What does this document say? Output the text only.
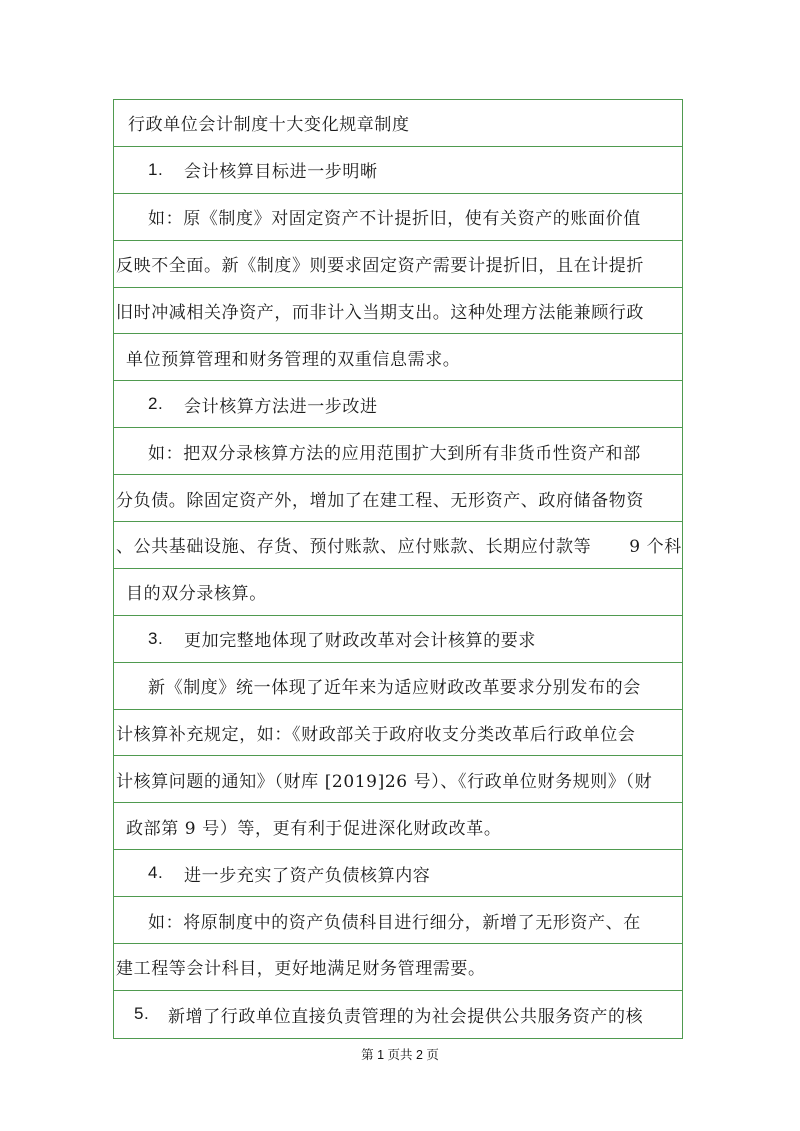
行政单位会计制度十大变化规章制度
1.	会计核算目标进一步明晰
如：原《制度》对固定资产不计提折旧，使有关资产的账面价值
反映不全面。新《制度》则要求固定资产需要计提折旧，且在计提折
旧时冲减相关净资产，而非计入当期支出。这种处理方法能兼顾行政
单位预算管理和财务管理的双重信息需求。
2.	会计核算方法进一步改进
如：把双分录核算方法的应用范围扩大到所有非货币性资产和部
分负债。除固定资产外，增加了在建工程、无形资产、政府储备物资
、公共基础设施、存货、预付账款、应付账款、长期应付款等 9 个科
目的双分录核算。
3.	更加完整地体现了财政改革对会计核算的要求
新《制度》统一体现了近年来为适应财政改革要求分别发布的会
计核算补充规定，如：《财政部关于政府收支分类改革后行政单位会
计核算问题的通知》（财库 [2019]26 号）、《行政单位财务规则》（财
政部第 9 号）等，更有利于促进深化财政改革。
4.	进一步充实了资产负债核算内容
如：将原制度中的资产负债科目进行细分，新增了无形资产、在
建工程等会计科目，更好地满足财务管理需要。
5.	新增了行政单位直接负责管理的为社会提供公共服务资产的核
第 1 页共 2 页
